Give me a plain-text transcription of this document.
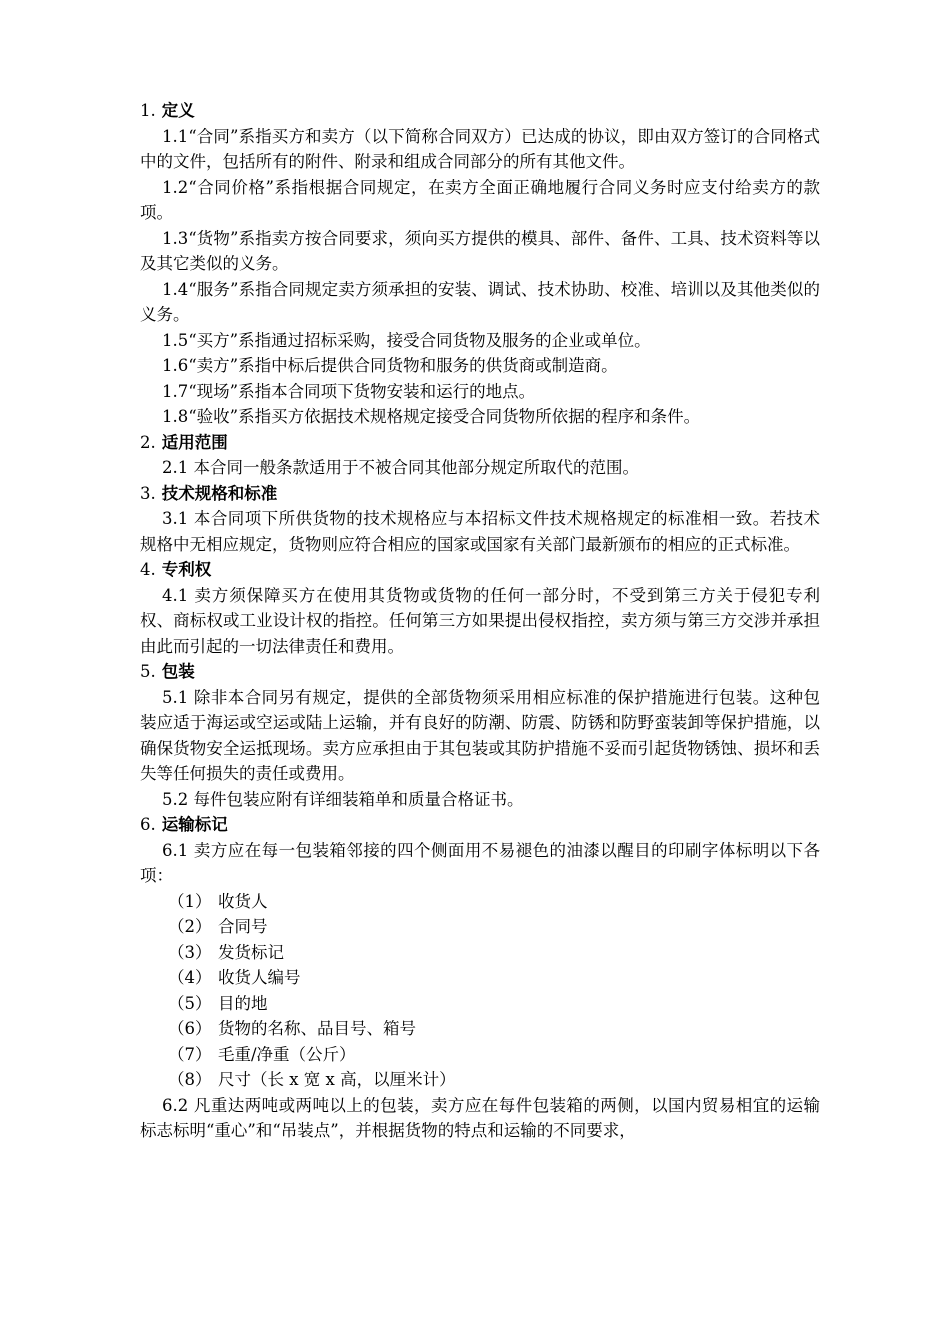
1. 定义

1.1“合同”系指买方和卖方（以下简称合同双方）已达成的协议，即由双方签订的合同格式中的文件，包括所有的附件、附录和组成合同部分的所有其他文件。

1.2“合同价格”系指根据合同规定，在卖方全面正确地履行合同义务时应支付给卖方的款项。

1.3“货物”系指卖方按合同要求，须向买方提供的模具、部件、备件、工具、技术资料等以及其它类似的义务。

1.4“服务”系指合同规定卖方须承担的安装、调试、技术协助、校准、培训以及其他类似的义务。

1.5“买方”系指通过招标采购，接受合同货物及服务的企业或单位。

1.6“卖方”系指中标后提供合同货物和服务的供货商或制造商。

1.7“现场”系指本合同项下货物安装和运行的地点。

1.8“验收”系指买方依据技术规格规定接受合同货物所依据的程序和条件。

2. 适用范围

2.1 本合同一般条款适用于不被合同其他部分规定所取代的范围。

3. 技术规格和标准

3.1 本合同项下所供货物的技术规格应与本招标文件技术规格规定的标准相一致。若技术规格中无相应规定，货物则应符合相应的国家或国家有关部门最新颁布的相应的正式标准。

4. 专利权

4.1 卖方须保障买方在使用其货物或货物的任何一部分时，不受到第三方关于侵犯专利权、商标权或工业设计权的指控。任何第三方如果提出侵权指控，卖方须与第三方交涉并承担由此而引起的一切法律责任和费用。

5. 包装

5.1 除非本合同另有规定，提供的全部货物须采用相应标准的保护措施进行包装。这种包装应适于海运或空运或陆上运输，并有良好的防潮、防震、防锈和防野蛮装卸等保护措施，以确保货物安全运抵现场。卖方应承担由于其包装或其防护措施不妥而引起货物锈蚀、损坏和丢失等任何损失的责任或费用。

5.2 每件包装应附有详细装箱单和质量合格证书。

6. 运输标记

6.1 卖方应在每一包装箱邻接的四个侧面用不易褪色的油漆以醒目的印刷字体标明以下各项：

（1） 收货人

（2） 合同号

（3） 发货标记

（4） 收货人编号

（5） 目的地

（6） 货物的名称、品目号、箱号

（7） 毛重/净重（公斤）

（8） 尺寸（长 x 宽 x 高，以厘米计）

6.2 凡重达两吨或两吨以上的包装，卖方应在每件包装箱的两侧，以国内贸易相宜的运输标志标明“重心”和“吊装点”，并根据货物的特点和运输的不同要求，
